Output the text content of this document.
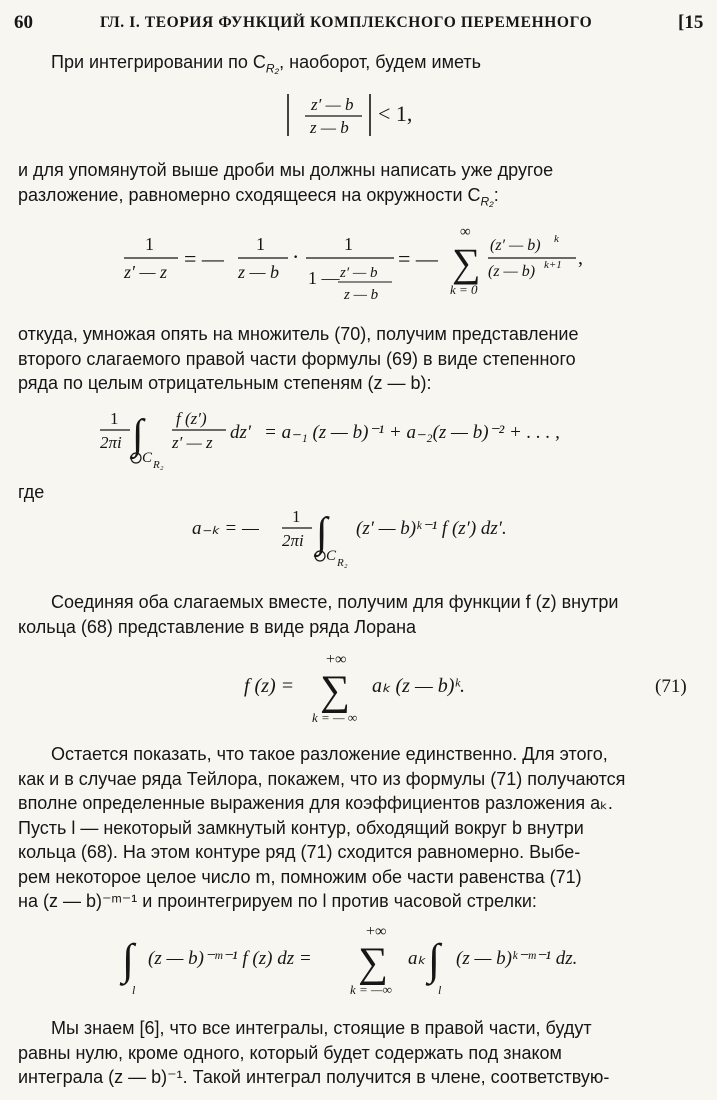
60	ГЛ. I. ТЕОРИЯ ФУНКЦИЙ КОМПЛЕКСНОГО ПЕРЕМЕННОГО	[15
При интегрировании по $C_{R_2}$, наоборот, будем иметь
z′ — b
z — b
< 1,
и для упомянутой выше дроби мы должны написать уже другое
разложение, равномерно сходящееся на окружности $C_{R_2}$:
1
z′ — z
= —
1
z — b
· 1
1 — z′ — b
z — b
= —
∞
∑
k = 0
(z′ — b) k
(z — b) k+1 ,
откуда, умножая опять на множитель (70), получим представление
второго слагаемого правой части формулы (69) в виде степенного
ряда по целым отрицательным степеням (z — b):
1
2πi ∫
C R₂
f (z′)
z′ — z dz′ = a₋₁ (z — b)⁻¹ + a₋₂(z — b)⁻² + . . . ,
где
a₋ₖ = —
1
2πi ∫
C R₂
(z′ — b)ᵏ⁻¹ f (z′) dz′.
Соединяя оба слагаемых вместе, получим для функции f (z) внутри
кольца (68) представление в виде ряда Лорана
f (z) =
+∞
∑
k = — ∞
aₖ (z — b)ᵏ.	(71)
Остается показать, что такое разложение единственно. Для этого,
как и в случае ряда Тейлора, покажем, что из формулы (71) получаются
вполне определенные выражения для коэффициентов разложения aₖ.
Пусть l — некоторый замкнутый контур, обходящий вокруг b внутри
кольца (68). На этом контуре ряд (71) сходится равномерно. Выбе-
рем некоторое целое число m, помножим обе части равенства (71)
на (z — b)⁻ᵐ⁻¹ и проинтегрируем по l против часовой стрелки:
∫
l
(z — b)⁻ᵐ⁻¹ f (z) dz =
+∞
∑
k = —∞
aₖ ∫
l
(z — b)ᵏ⁻ᵐ⁻¹ dz.
Мы знаем [6], что все интегралы, стоящие в правой части, будут
равны нулю, кроме одного, который будет содержать под знаком
интеграла (z — b)⁻¹. Такой интеграл получится в члене, соответствую-
